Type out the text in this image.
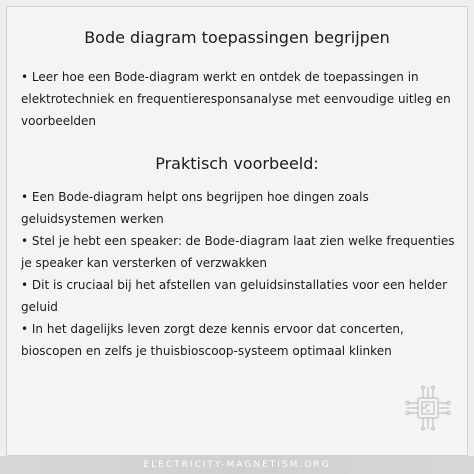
Bode diagram toepassingen begrijpen
• Leer hoe een Bode-diagram werkt en ontdek de toepassingen in elektrotechniek en frequentieresponsanalyse met eenvoudige uitleg en voorbeelden
Praktisch voorbeeld:
• Een Bode-diagram helpt ons begrijpen hoe dingen zoals geluidsystemen werken
• Stel je hebt een speaker: de Bode-diagram laat zien welke frequenties je speaker kan versterken of verzwakken
• Dit is cruciaal bij het afstellen van geluidsinstallaties voor een helder geluid
• In het dagelijks leven zorgt deze kennis ervoor dat concerten, bioscopen en zelfs je thuisbioscoop-systeem optimaal klinken
ELECTRICITY-MAGNETISM.ORG
